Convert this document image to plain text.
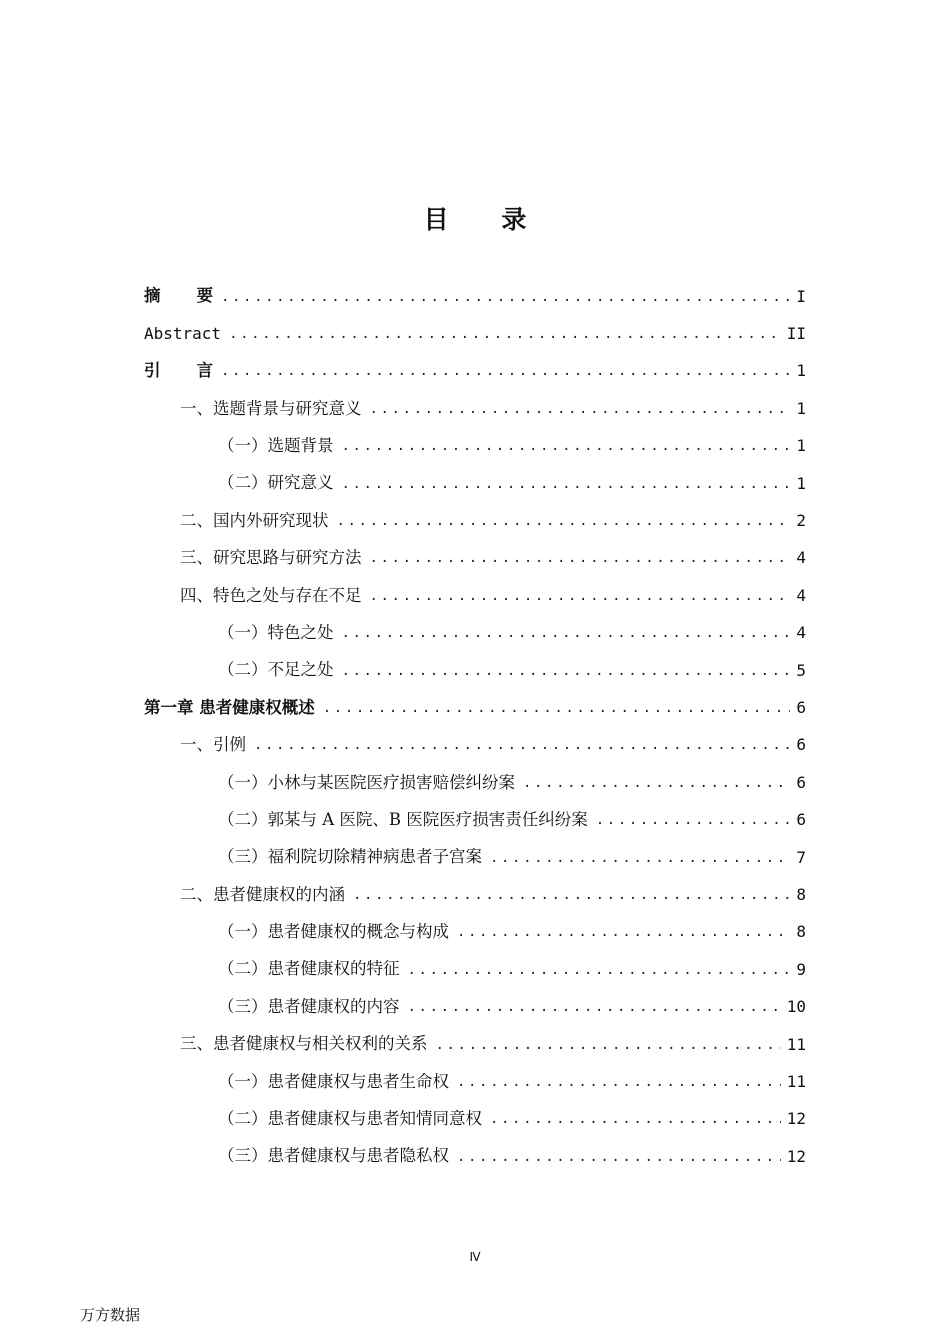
目 录
摘要 .....	I
Abstract .....	II
引言 .....	1
一、选题背景与研究意义 .....	1
（一）选题背景 .....	1
（二）研究意义 .....	1
二、国内外研究现状 .....	2
三、研究思路与研究方法 .....	4
四、特色之处与存在不足 .....	4
（一）特色之处 .....	4
（二）不足之处 .....	5
第一章 患者健康权概述 .....	6
一、引例 .....	6
（一）小林与某医院医疗损害赔偿纠纷案 .....	6
（二）郭某与 A 医院、B 医院医疗损害责任纠纷案 .....	6
（三）福利院切除精神病患者子宫案 .....	7
二、患者健康权的内涵 .....	8
（一）患者健康权的概念与构成 .....	8
（二）患者健康权的特征 .....	9
（三）患者健康权的内容 .....	10
三、患者健康权与相关权利的关系 .....	11
（一）患者健康权与患者生命权 .....	11
（二）患者健康权与患者知情同意权 .....	12
（三）患者健康权与患者隐私权 .....	12
Ⅳ
万方数据
